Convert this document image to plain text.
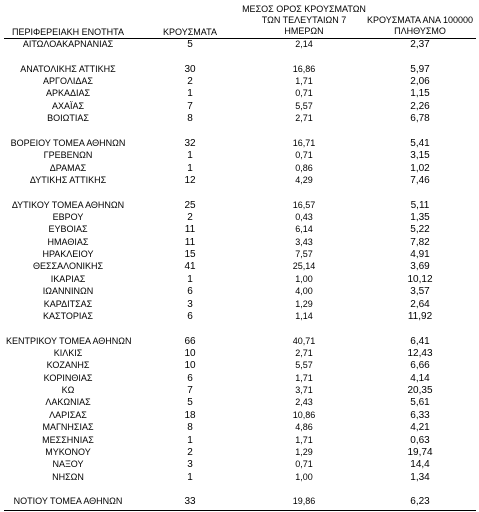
ΠΕΡΙΦΕΡΕΙΑΚΗ ΕΝΟΤΗΤΑ	ΚΡΟΥΣΜΑΤΑ
ΜΕΣΟΣ ΟΡΟΣ ΚΡΟΥΣΜΑΤΩΝ
ΤΩΝ ΤΕΛΕΥΤΑΙΩΝ 7
ΗΜΕΡΩΝ
ΚΡΟΥΣΜΑΤΑ ΑΝΑ 100000
ΠΛΗΘΥΣΜΟ
ΑΙΤΩΛΟΑΚΑΡΝΑΝΙΑΣ	5	2,14	2,37
ΑΝΑΤΟΛΙΚΗΣ ΑΤΤΙΚΗΣ	30	16,86	5,97
ΑΡΓΟΛΙΔΑΣ	2	1,71	2,06
ΑΡΚΑΔΙΑΣ	1	0,71	1,15
ΑΧΑΪΑΣ	7	5,57	2,26
ΒΟΙΩΤΙΑΣ	8	2,71	6,78
ΒΟΡΕΙΟΥ ΤΟΜΕΑ ΑΘΗΝΩΝ	32	16,71	5,41
ΓΡΕΒΕΝΩΝ	1	0,71	3,15
ΔΡΑΜΑΣ	1	0,86	1,02
ΔΥΤΙΚΗΣ ΑΤΤΙΚΗΣ	12	4,29	7,46
ΔΥΤΙΚΟΥ ΤΟΜΕΑ ΑΘΗΝΩΝ	25	16,57	5,11
ΕΒΡΟΥ	2	0,43	1,35
ΕΥΒΟΙΑΣ	11	6,14	5,22
ΗΜΑΘΙΑΣ	11	3,43	7,82
ΗΡΑΚΛΕΙΟΥ	15	7,57	4,91
ΘΕΣΣΑΛΟΝΙΚΗΣ	41	25,14	3,69
ΙΚΑΡΙΑΣ	1	1,00	10,12
ΙΩΑΝΝΙΝΩΝ	6	4,00	3,57
ΚΑΡΔΙΤΣΑΣ	3	1,29	2,64
ΚΑΣΤΟΡΙΑΣ	6	1,14	11,92
ΚΕΝΤΡΙΚΟΥ ΤΟΜΕΑ ΑΘΗΝΩΝ	66	40,71	6,41
ΚΙΛΚΙΣ	10	2,71	12,43
ΚΟΖΑΝΗΣ	10	5,57	6,66
ΚΟΡΙΝΘΙΑΣ	6	1,71	4,14
ΚΩ	7	3,71	20,35
ΛΑΚΩΝΙΑΣ	5	2,43	5,61
ΛΑΡΙΣΑΣ	18	10,86	6,33
ΜΑΓΝΗΣΙΑΣ	8	4,86	4,21
ΜΕΣΣΗΝΙΑΣ	1	1,71	0,63
ΜΥΚΟΝΟΥ	2	1,29	19,74
ΝΑΞΟΥ	3	0,71	14,4
ΝΗΣΩΝ	1	1,00	1,34
ΝΟΤΙΟΥ ΤΟΜΕΑ ΑΘΗΝΩΝ	33	19,86	6,23
